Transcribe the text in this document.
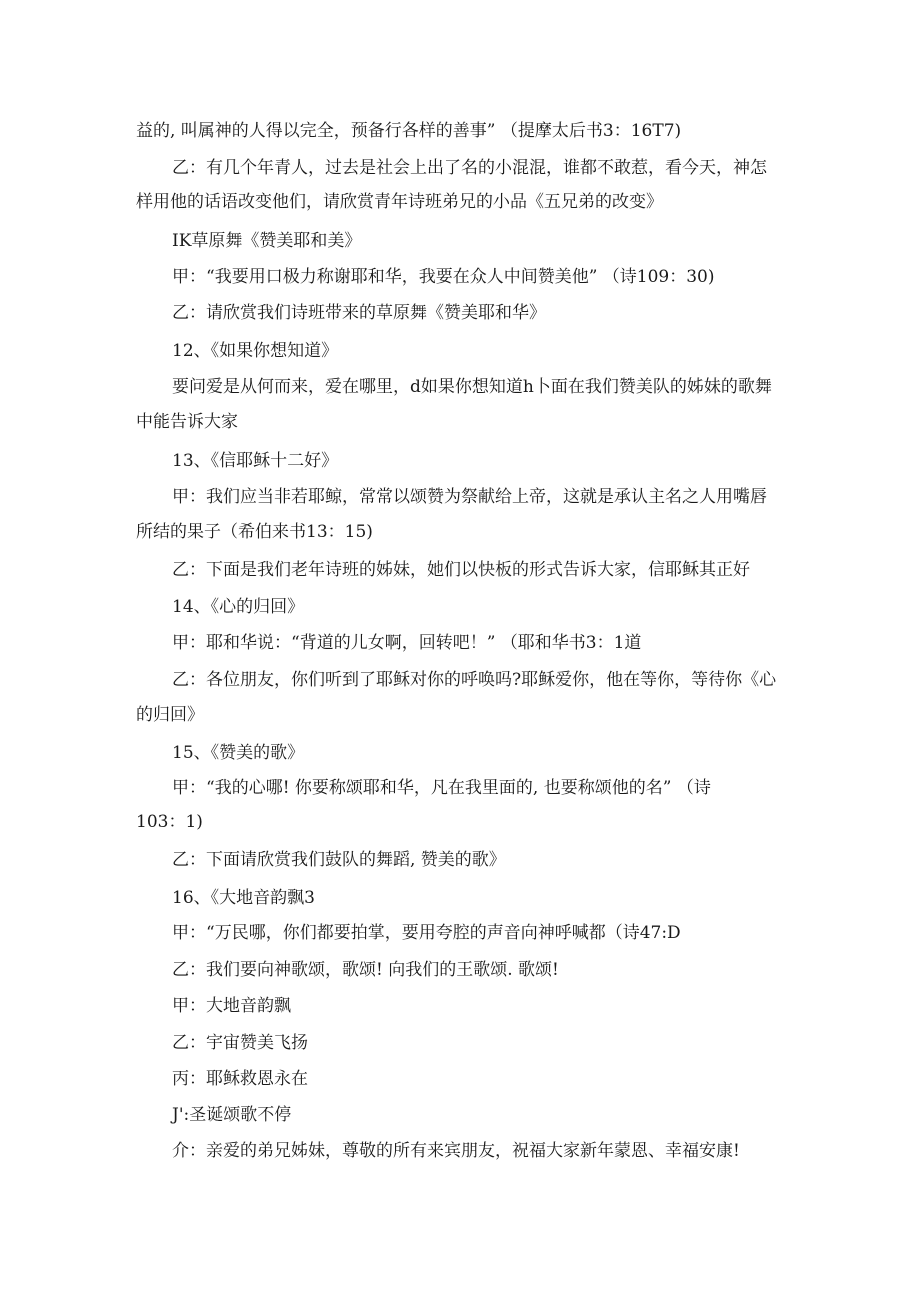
益的, 叫属神的人得以完全，预备行各样的善事” （提摩太后书3：16T7)

乙：有几个年青人，过去是社会上出了名的小混混，谁都不敢惹，看今天，神怎

样用他的话语改变他们，请欣赏青年诗班弟兄的小品《五兄弟的改变》

IK草原舞《赞美耶和美》

甲：“我要用口极力称谢耶和华，我要在众人中间赞美他” （诗109：30)

乙：请欣赏我们诗班带来的草原舞《赞美耶和华》

12、《如果你想知道》

要问爱是从何而来，爱在哪里，d如果你想知道h卜面在我们赞美队的姊妹的歌舞

中能告诉大家

13、《信耶稣十二好》

甲：我们应当非若耶鲸，常常以颂赞为祭献给上帝，这就是承认主名之人用嘴唇

所结的果子（希伯来书13：15)

乙：下面是我们老年诗班的姊妹，她们以快板的形式告诉大家，信耶稣其正好

14、《心的归回》

甲：耶和华说：“背道的儿女啊，回转吧！” （耶和华书3：1道

乙：各位朋友，你们听到了耶稣对你的呼唤吗?耶稣爱你，他在等你，等待你《心

的归回》

15、《赞美的歌》

甲：“我的心哪! 你要称颂耶和华，凡在我里面的, 也要称颂他的名” （诗

103：1)

乙：下面请欣赏我们鼓队的舞蹈, 赞美的歌》

16、《大地音韵飘3

甲：“万民哪，你们都要拍掌，要用夸腔的声音向神呼喊都（诗47:D

乙：我们要向神歌颂，歌颂! 向我们的王歌颂. 歌颂!

甲：大地音韵飘

乙：宇宙赞美飞扬

丙：耶稣救恩永在

J':圣诞颂歌不停

介：亲爱的弟兄姊妹，尊敬的所有来宾朋友，祝福大家新年蒙恩、幸福安康!
